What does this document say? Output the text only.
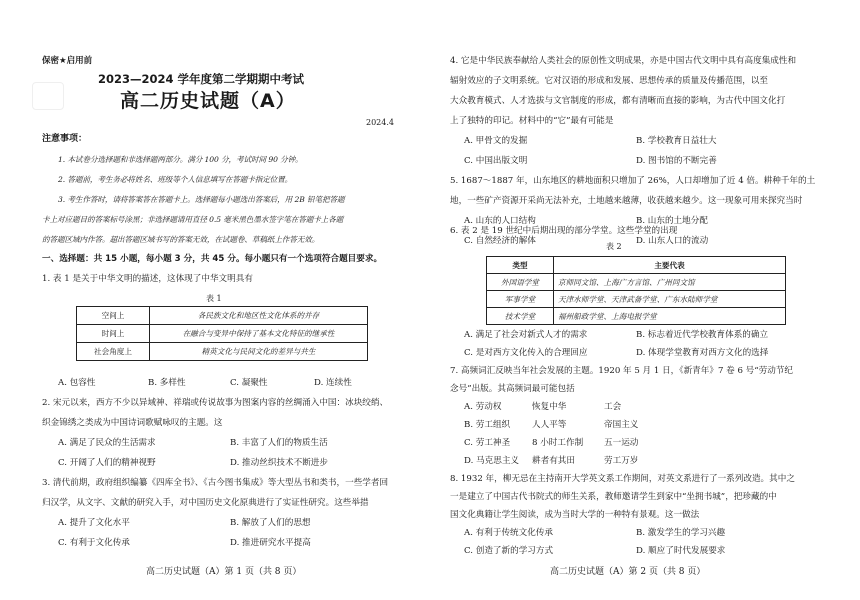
保密★启用前
2023—2024 学年度第二学期期中考试
高二历史试题（A）
2024.4
注意事项：
1. 本试卷分选择题和非选择题两部分。满分 100 分，考试时间 90 分钟。
2. 答题前，考生务必将姓名、班级等个人信息填写在答题卡指定位置。
3. 考生作答时，请将答案答在答题卡上。选择题每小题选出答案后，用 2B 铅笔把答题
卡上对应题目的答案标号涂黑；非选择题请用直径 0.5 毫米黑色墨水签字笔在答题卡上各题
的答题区域内作答。超出答题区域书写的答案无效，在试题卷、草稿纸上作答无效。
一、选择题：共 15 小题，每小题 3 分，共 45 分。每小题只有一个选项符合题目要求。
1. 表 1 是关于中华文明的描述，这体现了中华文明具有
表 1
空间上	各民族文化和地区性文化体系的并存
时间上	在融合与变异中保持了基本文化特征的继承性
社会角度上	精英文化与民间文化的差异与共生
A. 包容性	B. 多样性	C. 凝聚性	D. 连续性
2. 宋元以来，西方不少以异域神、祥瑞或传说故事为图案内容的丝绸涌入中国：冰块绞绡、
织金锦绣之类成为中国诗词歌赋咏叹的主题。这
A. 满足了民众的生活需求	B. 丰富了人们的物质生活
C. 开阔了人们的精神视野	D. 推动丝织技术不断进步
3. 清代前期，政府组织编纂《四库全书》、《古今图书集成》等大型丛书和类书，一些学者回
归汉学，从文字、文献的研究入手，对中国历史文化原典进行了实证性研究。这些举措
A. 提升了文化水平	B. 解放了人们的思想
C. 有利于文化传承	D. 推进研究水平提高
高二历史试题（A）第 1 页（共 8 页）
4. 它是中华民族奉献给人类社会的原创性文明成果，亦是中国古代文明中具有高度集成性和
辐射效应的子文明系统。它对汉语的形成和发展、思想传承的质量及传播范围，以至
大众教育模式、人才选拔与文官制度的形成，都有清晰而直接的影响，为古代中国文化打
上了独特的印记。材料中的“它”最有可能是
A. 甲骨文的发掘	B. 学校教育日益壮大
C. 中国出版文明	D. 图书馆的不断完善
5. 1687～1887 年，山东地区的耕地面积只增加了 26%，人口却增加了近 4 倍。耕种千年的土
地，一些矿产资源开采尚无法补充，土地越来越薄，收获越来越少。这一现象可用来探究当时
A. 山东的人口结构	B. 山东的土地分配
C. 自然经济的解体	D. 山东人口的流动
6. 表 2 是 19 世纪中后期出现的部分学堂。这些学堂的出现
表 2
类型	主要代表
外国语学堂	京师同文馆、上海广方言馆、广州同文馆
军事学堂	天津水师学堂、天津武备学堂、广东水陆师学堂
技术学堂	福州船政学堂、上海电报学堂
A. 满足了社会对新式人才的需求	B. 标志着近代学校教育体系的确立
C. 是对西方文化传入的合理回应	D. 体现学堂教育对西方文化的选择
7. 高频词汇反映当年社会发展的主题。1920 年 5 月 1 日，《新青年》7 卷 6 号“劳动节纪
念号”出版。其高频词最可能包括
A. 劳动权	恢复中华	工会
B. 劳工组织	人人平等	帝国主义
C. 劳工神圣	8 小时工作制 五一运动
D. 马克思主义 耕者有其田	劳工万岁
8. 1932 年，柳无忌在主持南开大学英文系工作期间，对英文系进行了一系列改造。其中之
一是建立了中国古代书院式的师生关系，教师邀请学生到家中“坐拥书城”，把珍藏的中
国文化典籍让学生阅读，成为当时大学的一种特有景观。这一做法
A. 有利于传统文化传承	B. 激发学生的学习兴趣
C. 创造了新的学习方式	D. 顺应了时代发展要求
高二历史试题（A）第 2 页（共 8 页）
